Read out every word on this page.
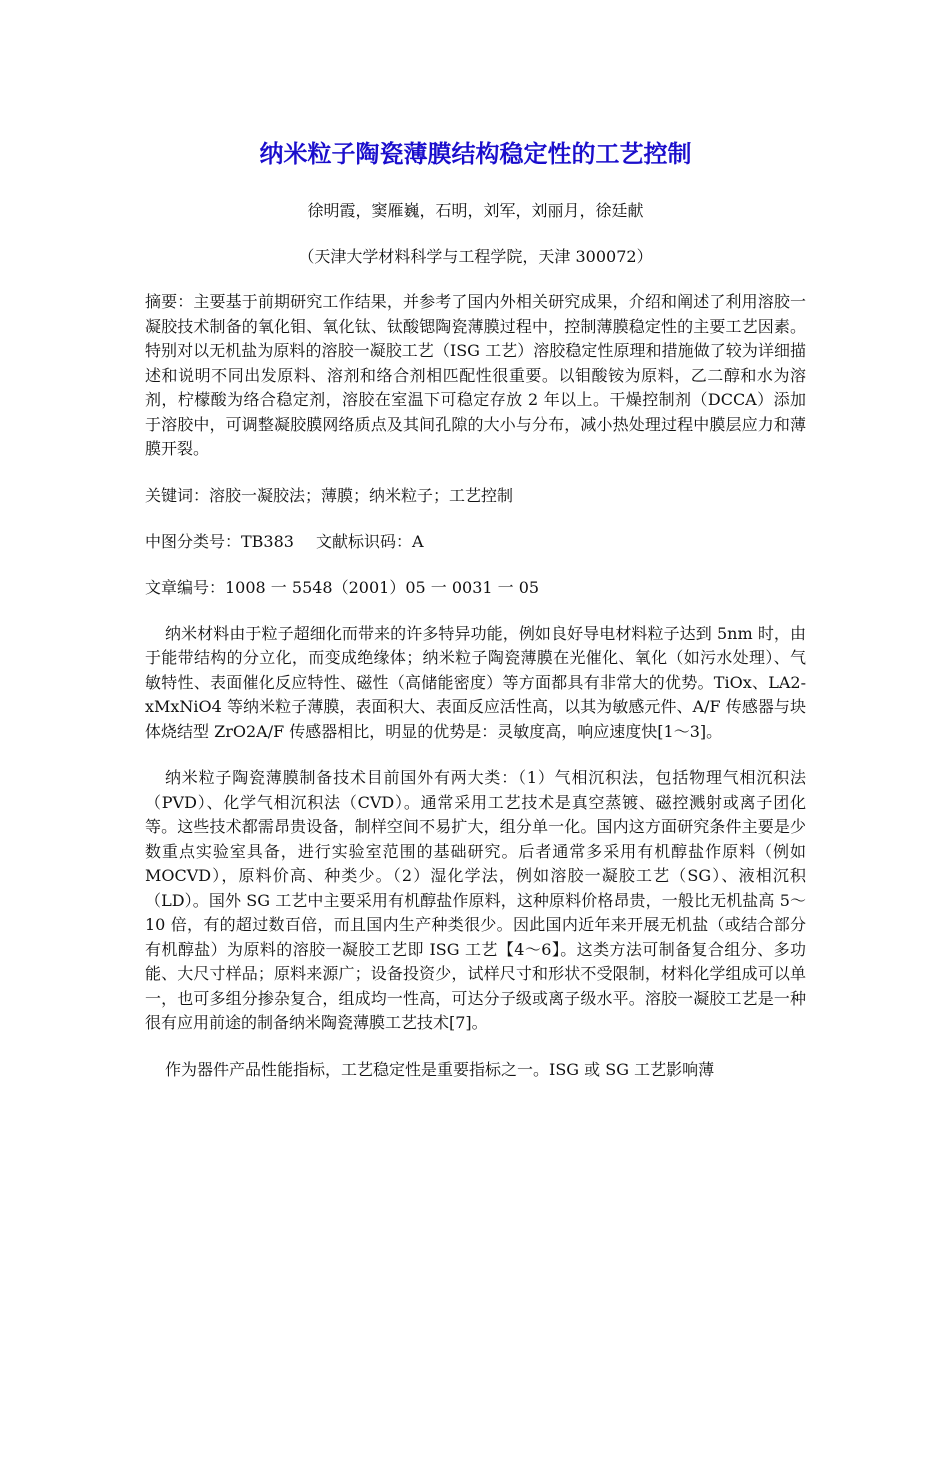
纳米粒子陶瓷薄膜结构稳定性的工艺控制
徐明霞，窦雁巍，石明，刘军，刘丽月，徐廷献
（天津大学材料科学与工程学院，天津 300072）
摘要：主要基于前期研究工作结果，并参考了国内外相关研究成果，介绍和阐述了利用溶胶一凝胶技术制备的氧化钼、氧化钛、钛酸锶陶瓷薄膜过程中，控制薄膜稳定性的主要工艺因素。特别对以无机盐为原料的溶胶一凝胶工艺（ISG 工艺）溶胶稳定性原理和措施做了较为详细描述和说明不同出发原料、溶剂和络合剂相匹配性很重要。以钼酸铵为原料，乙二醇和水为溶剂，柠檬酸为络合稳定剂，溶胶在室温下可稳定存放 2 年以上。干燥控制剂（DCCA）添加于溶胶中，可调整凝胶膜网络质点及其间孔隙的大小与分布，减小热处理过程中膜层应力和薄膜开裂。
关键词：溶胶一凝胶法；薄膜；纳米粒子；工艺控制
中图分类号：TB383 文献标识码：A
文章编号：1008 一 5548（2001）05 一 0031 一 05
纳米材料由于粒子超细化而带来的许多特异功能，例如良好导电材料粒子达到 5nm 时，由于能带结构的分立化，而变成绝缘体；纳米粒子陶瓷薄膜在光催化、氧化（如污水处理）、气敏特性、表面催化反应特性、磁性（高储能密度）等方面都具有非常大的优势。TiOx、LA2-xMxNiO4 等纳米粒子薄膜，表面积大、表面反应活性高，以其为敏感元件、A/F 传感器与块体烧结型 ZrO2A/F 传感器相比，明显的优势是：灵敏度高，响应速度快[1～3]。
纳米粒子陶瓷薄膜制备技术目前国外有两大类：（1）气相沉积法，包括物理气相沉积法（PVD）、化学气相沉积法（CVD）。通常采用工艺技术是真空蒸镀、磁控溅射或离子团化等。这些技术都需昂贵设备，制样空间不易扩大，组分单一化。国内这方面研究条件主要是少数重点实验室具备，进行实验室范围的基础研究。后者通常多采用有机醇盐作原料（例如 MOCVD），原料价高、种类少。（2）湿化学法，例如溶胶一凝胶工艺（SG）、液相沉积（LD）。国外 SG 工艺中主要采用有机醇盐作原料，这种原料价格昂贵，一般比无机盐高 5～10 倍，有的超过数百倍，而且国内生产种类很少。因此国内近年来开展无机盐（或结合部分有机醇盐）为原料的溶胶一凝胶工艺即 ISG 工艺【4～6】。这类方法可制备复合组分、多功能、大尺寸样品；原料来源广；设备投资少，试样尺寸和形状不受限制，材料化学组成可以单一，也可多组分掺杂复合，组成均一性高，可达分子级或离子级水平。溶胶一凝胶工艺是一种很有应用前途的制备纳米陶瓷薄膜工艺技术[7]。
作为器件产品性能指标，工艺稳定性是重要指标之一。ISG 或 SG 工艺影响薄
